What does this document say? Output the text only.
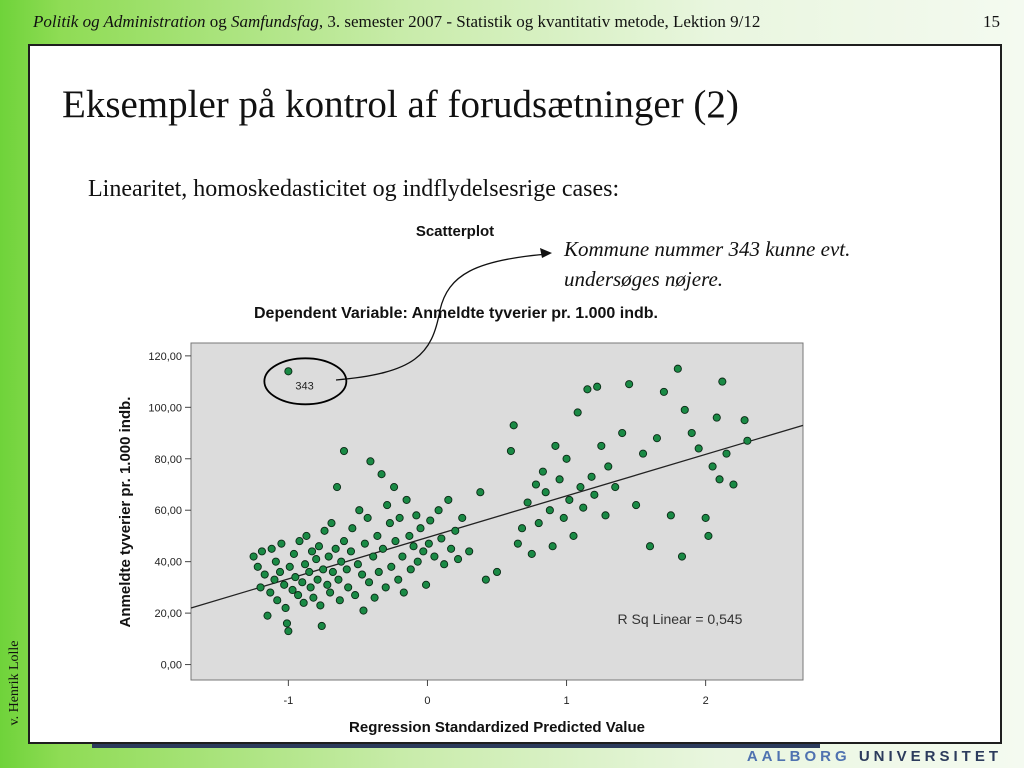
Politik og Administration og Samfundsfag, 3. semester 2007 - Statistik og kvantitativ metode, Lektion 9/12	15
v. Henrik Lolle
Eksempler på kontrol af forudsætninger (2)
Linearitet, homoskedasticitet og indflydelsesrige cases:
Kommune nummer 343 kunne evt.
undersøges nøjere.
Scatterplot
Dependent Variable: Anmeldte tyverier pr. 1.000 indb.
0,00
20,00
40,00
60,00
80,00
100,00
120,00
-1	0	1	2
343
R Sq Linear = 0,545
Regression Standardized Predicted Value
Anmeldte tyverier pr. 1.000 indb.
AALBORG UNIVERSITET
